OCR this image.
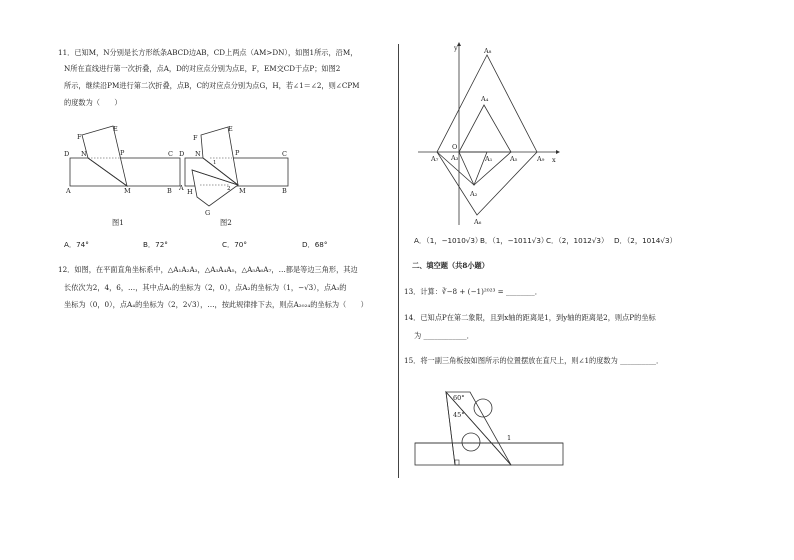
11．已知M，N分别是长方形纸条ABCD边AB，CD上两点（AM>DN），如图1所示，沿M，
N所在直线进行第一次折叠，点A，D的对应点分别为点E，F，EM交CD于点P；如图2
所示，继续沿PM进行第二次折叠，点B，C的对应点分别为点G，H，若∠1＝∠2，则∠CPM
的度数为（　　）
D N
F
E
P	C
A	M	B
D N
F
E
P
1
C
A H	2 M	B
G
图1	图2
A．74°	B．72°	C．70°	D．68°
12．如图，在平面直角坐标系中，△A₁A₂A₃，△A₃A₄A₅，△A₅A₆A₇，…都是等边三角形，其边
长依次为2，4，6，…，其中点A₁的坐标为（2，0），点A₂的坐标为（1，−√3），点A₃的
坐标为（0，0），点A₄的坐标为（2，2√3），…，按此规律排下去，则点A₂₀₂₄的坐标为（　　）
y
x
A₈
A₄
O
A₇ A₃	A₁	A₅	A₉
A₂
A₆
A．（1，−1010√3）
B．（1，−1011√3）
C．（2，1012√3） D．（2，1014√3）
二、填空题（共8小题）
13．计算：∛−8 + (−1)²⁰²³ = ________．
14．已知点P在第二象限，且到x轴的距离是1，到y轴的距离是2，则点P的坐标
为 ____________．
15．将一副三角板按如图所示的位置摆放在直尺上，则∠1的度数为 __________．
60°
45°
1
